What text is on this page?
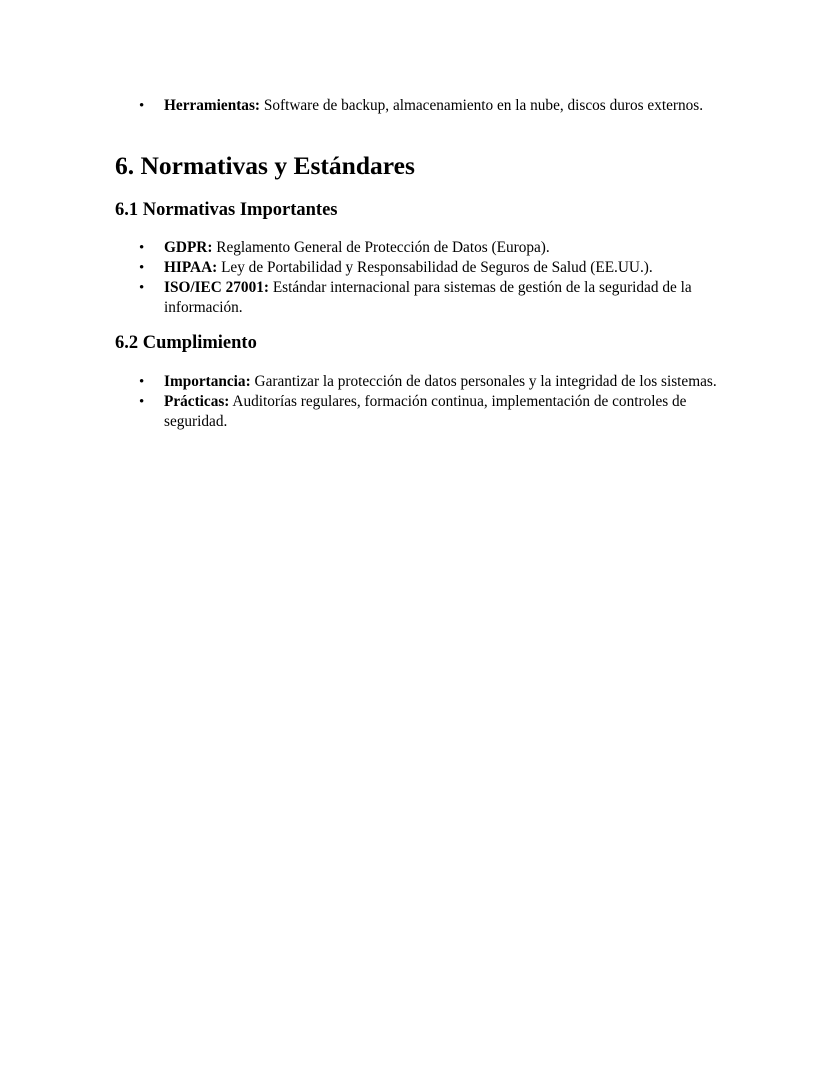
• Herramientas: Software de backup, almacenamiento en la nube, discos duros externos.
6. Normativas y Estándares
6.1 Normativas Importantes
• GDPR: Reglamento General de Protección de Datos (Europa).
• HIPAA: Ley de Portabilidad y Responsabilidad de Seguros de Salud (EE.UU.).
• ISO/IEC 27001: Estándar internacional para sistemas de gestión de la seguridad de la información.
6.2 Cumplimiento
• Importancia: Garantizar la protección de datos personales y la integridad de los sistemas.
• Prácticas: Auditorías regulares, formación continua, implementación de controles de seguridad.
